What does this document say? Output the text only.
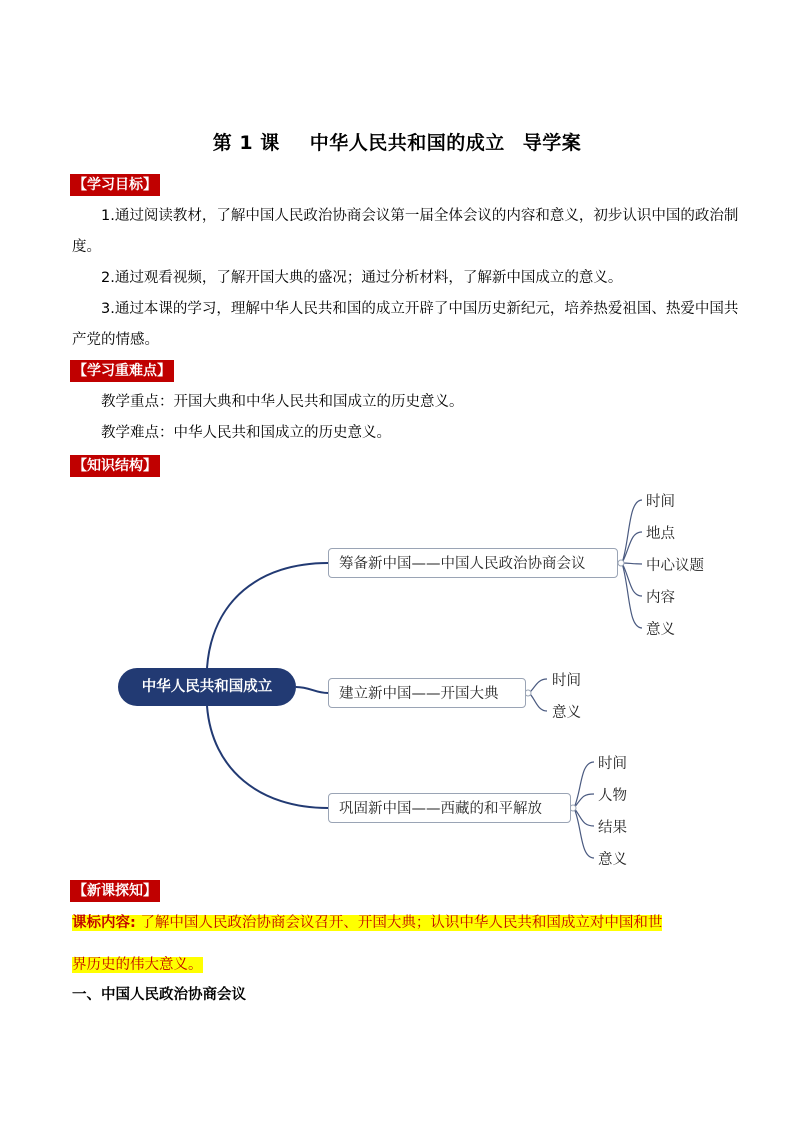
第 1 课 中华人民共和国的成立 导学案
【学习目标】

1.通过阅读教材，了解中国人民政治协商会议第一届全体会议的内容和意义，初步认识中国的政治制度。

2.通过观看视频，了解开国大典的盛况；通过分析材料，了解新中国成立的意义。

3.通过本课的学习，理解中华人民共和国的成立开辟了中国历史新纪元，培养热爱祖国、热爱中国共产党的情感。

【学习重难点】

教学重点：开国大典和中华人民共和国成立的历史意义。

教学难点：中华人民共和国成立的历史意义。

【知识结构】
中华人民共和国成立
筹备新中国——中国人民政治协商会议
建立新中国——开国大典
巩固新中国——西藏的和平解放
时间
地点
中心议题
内容
意义
时间
意义
时间
人物
结果
意义
【新课探知】

课标内容: 了解中国人民政治协商会议召开、开国大典；认识中华人民共和国成立对中国和世
界历史的伟大意义。

一、中国人民政治协商会议
